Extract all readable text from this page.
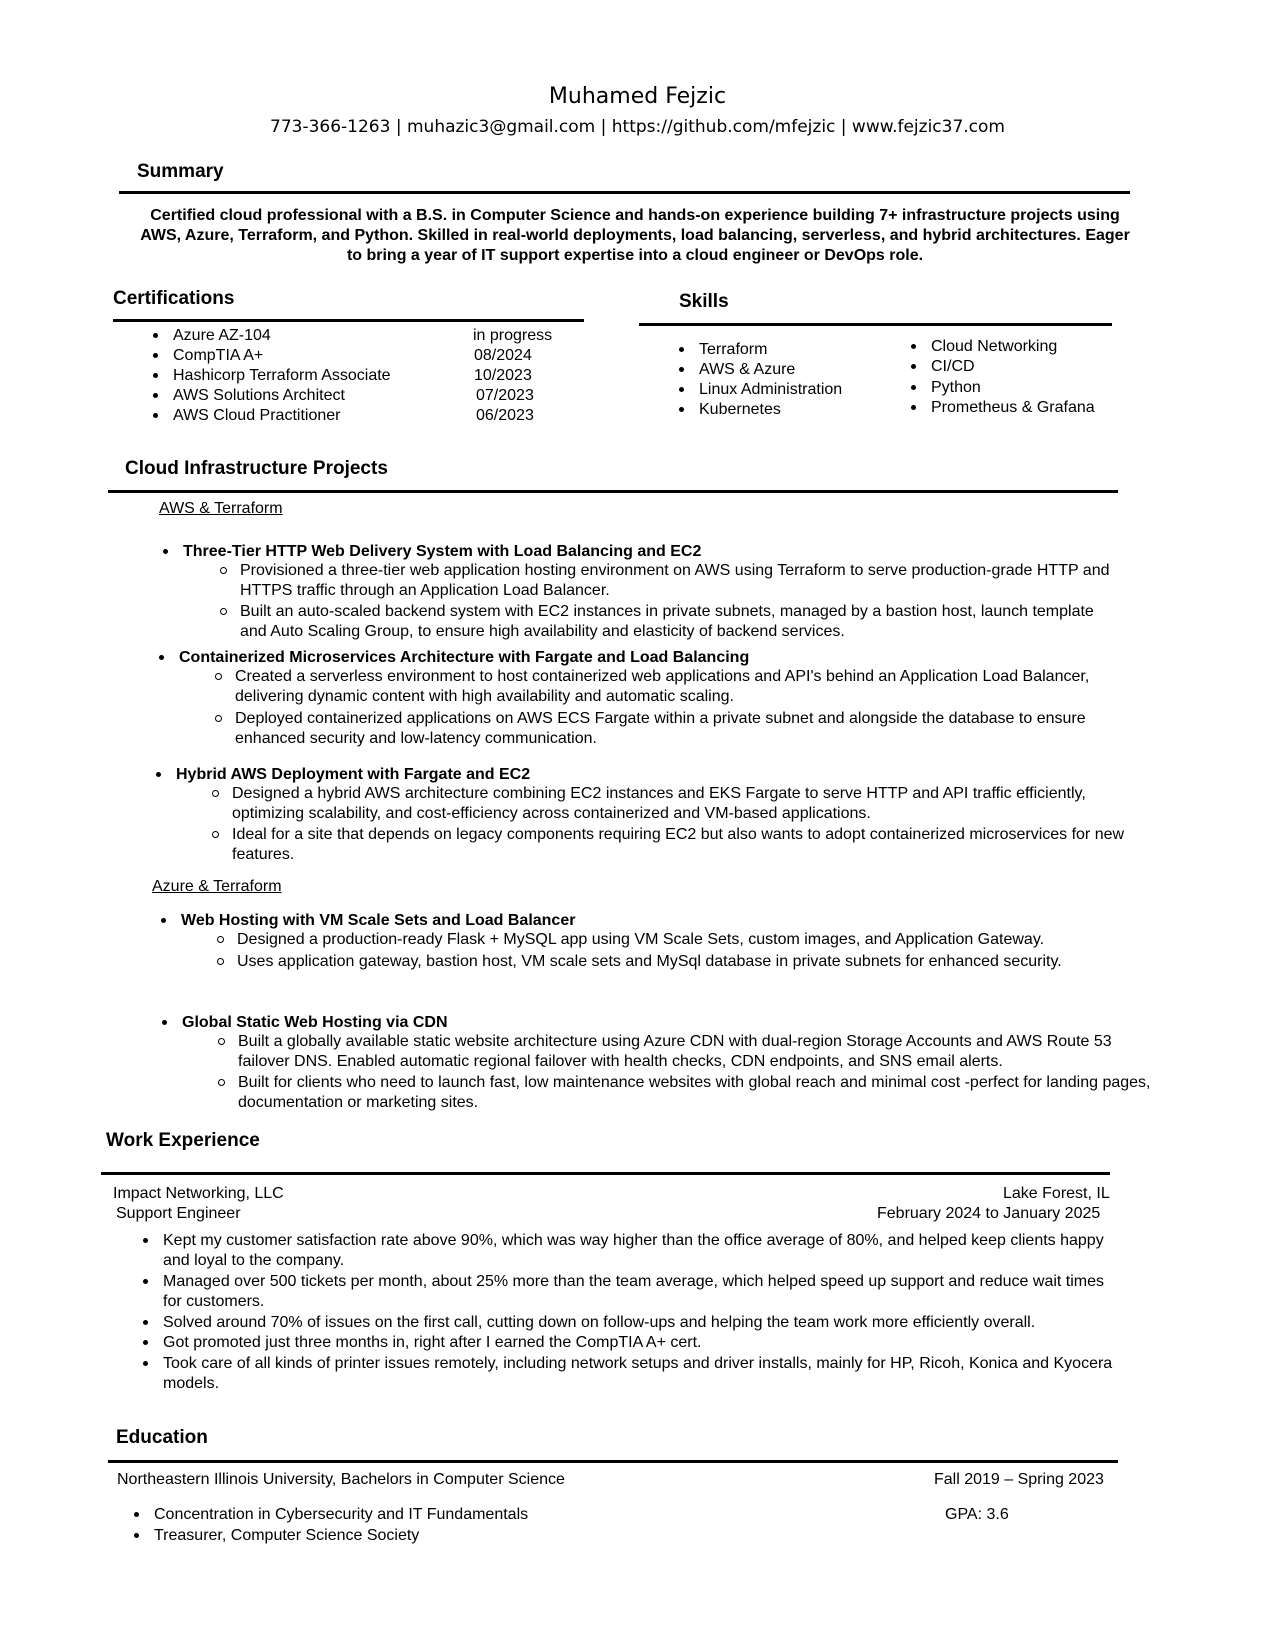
Muhamed Fejzic
773-366-1263 | muhazic3@gmail.com | https://github.com/mfejzic | www.fejzic37.com
Summary
Certified cloud professional with a B.S. in Computer Science and hands-on experience building 7+ infrastructure projects using AWS, Azure, Terraform, and Python. Skilled in real-world deployments, load balancing, serverless, and hybrid architectures. Eager to bring a year of IT support expertise into a cloud engineer or DevOps role.
Certifications
Azure AZ-104	in progress
CompTIA A+	08/2024
Hashicorp Terraform Associate	10/2023
AWS Solutions Architect	07/2023
AWS Cloud Practitioner	06/2023
Skills
Terraform
AWS & Azure
Linux Administration
Kubernetes
Cloud Networking
CI/CD
Python
Prometheus & Grafana
Cloud Infrastructure Projects
AWS & Terraform
Three-Tier HTTP Web Delivery System with Load Balancing and EC2
Provisioned a three-tier web application hosting environment on AWS using Terraform to serve production-grade HTTP and HTTPS traffic through an Application Load Balancer.
Built an auto-scaled backend system with EC2 instances in private subnets, managed by a bastion host, launch template and Auto Scaling Group, to ensure high availability and elasticity of backend services.
Containerized Microservices Architecture with Fargate and Load Balancing
Created a serverless environment to host containerized web applications and API's behind an Application Load Balancer, delivering dynamic content with high availability and automatic scaling.
Deployed containerized applications on AWS ECS Fargate within a private subnet and alongside the database to ensure enhanced security and low-latency communication.
Hybrid AWS Deployment with Fargate and EC2
Designed a hybrid AWS architecture combining EC2 instances and EKS Fargate to serve HTTP and API traffic efficiently, optimizing scalability, and cost-efficiency across containerized and VM-based applications.
Ideal for a site that depends on legacy components requiring EC2 but also wants to adopt containerized microservices for new features.
Azure & Terraform
Web Hosting with VM Scale Sets and Load Balancer
Designed a production-ready Flask + MySQL app using VM Scale Sets, custom images, and Application Gateway.
Uses application gateway, bastion host, VM scale sets and MySql database in private subnets for enhanced security.
Global Static Web Hosting via CDN
Built a globally available static website architecture using Azure CDN with dual-region Storage Accounts and AWS Route 53 failover DNS. Enabled automatic regional failover with health checks, CDN endpoints, and SNS email alerts.
Built for clients who need to launch fast, low maintenance websites with global reach and minimal cost -perfect for landing pages, documentation or marketing sites.
Work Experience
Impact Networking, LLC	Lake Forest, IL
Support Engineer	February 2024 to January 2025
Kept my customer satisfaction rate above 90%, which was way higher than the office average of 80%, and helped keep clients happy and loyal to the company.
Managed over 500 tickets per month, about 25% more than the team average, which helped speed up support and reduce wait times for customers.
Solved around 70% of issues on the first call, cutting down on follow-ups and helping the team work more efficiently overall.
Got promoted just three months in, right after I earned the CompTIA A+ cert.
Took care of all kinds of printer issues remotely, including network setups and driver installs, mainly for HP, Ricoh, Konica and Kyocera models.
Education
Northeastern Illinois University, Bachelors in Computer Science	Fall 2019 – Spring 2023
Concentration in Cybersecurity and IT Fundamentals	GPA: 3.6
Treasurer, Computer Science Society
